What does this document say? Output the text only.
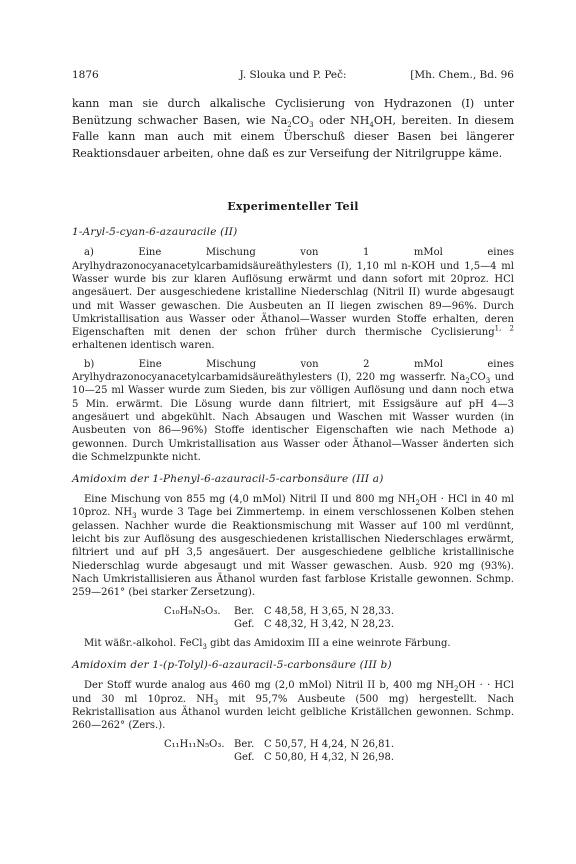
1876	J. Slouka und P. Peč:	[Mh. Chem., Bd. 96

kann man sie durch alkalische Cyclisierung von Hydrazonen (I) unter Benützung schwacher Basen, wie $Na_2CO_3$ oder $NH_4OH$, bereiten. In diesem Falle kann man auch mit einem Überschuß dieser Basen bei längerer Reaktionsdauer arbeiten, ohne daß es zur Verseifung der Nitrilgruppe käme.

Experimenteller Teil
1-Aryl-5-cyan-6-azauracile (II)

a) Eine Mischung von 1 mMol eines Arylhydrazonocyanacetylcarbamidsäureäthylesters (I), 1,10 ml n-KOH und 1,5—4 ml Wasser wurde bis zur klaren Auflösung erwärmt und dann sofort mit 20proz. HCl angesäuert. Der ausgeschiedene kristalline Niederschlag (Nitril II) wurde abgesaugt und mit Wasser gewaschen. Die Ausbeuten an II liegen zwischen 89—96%. Durch Umkristallisation aus Wasser oder Äthanol—Wasser wurden Stoffe erhalten, deren Eigenschaften mit denen der schon früher durch thermische Cyclisierung$^{1, 2}$ erhaltenen identisch waren.

b) Eine Mischung von 2 mMol eines Arylhydrazonocyanacetylcarbamidsäureäthylesters (I), 220 mg wasserfr. $Na_2CO_3$ und 10—25 ml Wasser wurde zum Sieden, bis zur völligen Auflösung und dann noch etwa 5 Min. erwärmt. Die Lösung wurde dann filtriert, mit Essigsäure auf pH 4—3 angesäuert und abgekühlt. Nach Absaugen und Waschen mit Wasser wurden (in Ausbeuten von 86—96%) Stoffe identischer Eigenschaften wie nach Methode a) gewonnen. Durch Umkristallisation aus Wasser oder Äthanol—Wasser änderten sich die Schmelzpunkte nicht.

Amidoxim der 1-Phenyl-6-azauracil-5-carbonsäure (III a)

Eine Mischung von 855 mg (4,0 mMol) Nitril II und 800 mg $NH_2OH$ · HCl in 40 ml 10proz. $NH_3$ wurde 3 Tage bei Zimmertemp. in einem verschlossenen Kolben stehen gelassen. Nachher wurde die Reaktionsmischung mit Wasser auf 100 ml verdünnt, leicht bis zur Auflösung des ausgeschiedenen kristallischen Niederschlages erwärmt, filtriert und auf pH 3,5 angesäuert. Der ausgeschiedene gelbliche kristallinische Niederschlag wurde abgesaugt und mit Wasser gewaschen. Ausb. 920 mg (93%). Nach Umkristallisieren aus Äthanol wurden fast farblose Kristalle gewonnen. Schmp. 259—261° (bei starker Zersetzung).

C₁₀H₉N₅O₃.	Ber. C 48,58, H 3,65, N 28,33.
Gef. C 48,32, H 3,42, N 28,23.

Mit wäßr.-alkohol. FeCl$_3$ gibt das Amidoxim III a eine weinrote Färbung.

Amidoxim der 1-(p-Tolyl)-6-azauracil-5-carbonsäure (III b)

Der Stoff wurde analog aus 460 mg (2,0 mMol) Nitril II b, 400 mg $NH_2OH$ · · HCl und 30 ml 10proz. $NH_3$ mit 95,7% Ausbeute (500 mg) hergestellt. Nach Rekristallisation aus Äthanol wurden leicht gelbliche Kriställchen gewonnen. Schmp. 260—262° (Zers.).

C₁₁H₁₁N₅O₃. Ber. C 50,57, H 4,24, N 26,81.
Gef. C 50,80, H 4,32, N 26,98.
